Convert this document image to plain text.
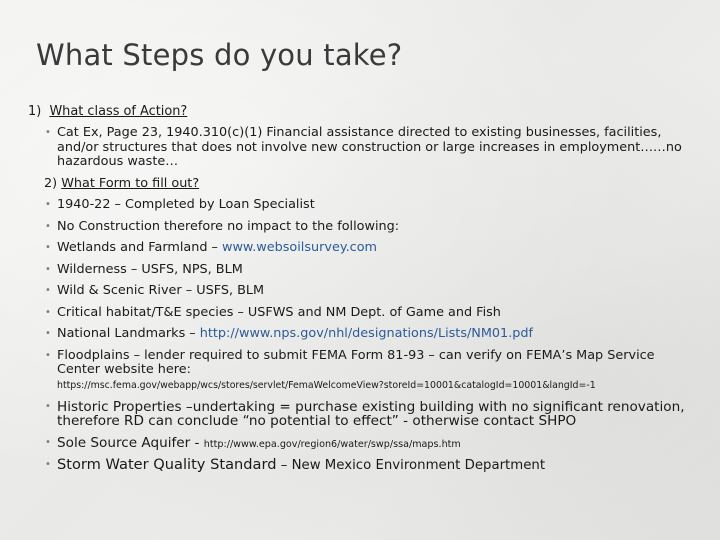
What Steps do you take?
1) What class of Action?
• Cat Ex, Page 23, 1940.310(c)(1) Financial assistance directed to existing businesses, facilities, and/or structures that does not involve new construction or large increases in employment……no hazardous waste…
2) What Form to fill out?
• 1940-22 – Completed by Loan Specialist
• No Construction therefore no impact to the following:
• Wetlands and Farmland – www.websoilsurvey.com
• Wilderness – USFS, NPS, BLM
• Wild & Scenic River – USFS, BLM
• Critical habitat/T&E species – USFWS and NM Dept. of Game and Fish
• National Landmarks – http://www.nps.gov/nhl/designations/Lists/NM01.pdf
• Floodplains – lender required to submit FEMA Form 81-93 – can verify on FEMA’s Map Service Center website here:
https://msc.fema.gov/webapp/wcs/stores/servlet/FemaWelcomeView?storeId=10001&catalogId=10001&langId=-1
• Historic Properties –undertaking = purchase existing building with no significant renovation, therefore RD can conclude “no potential to effect” - otherwise contact SHPO
• Sole Source Aquifer - http://www.epa.gov/region6/water/swp/ssa/maps.htm
• Storm Water Quality Standard – New Mexico Environment Department
